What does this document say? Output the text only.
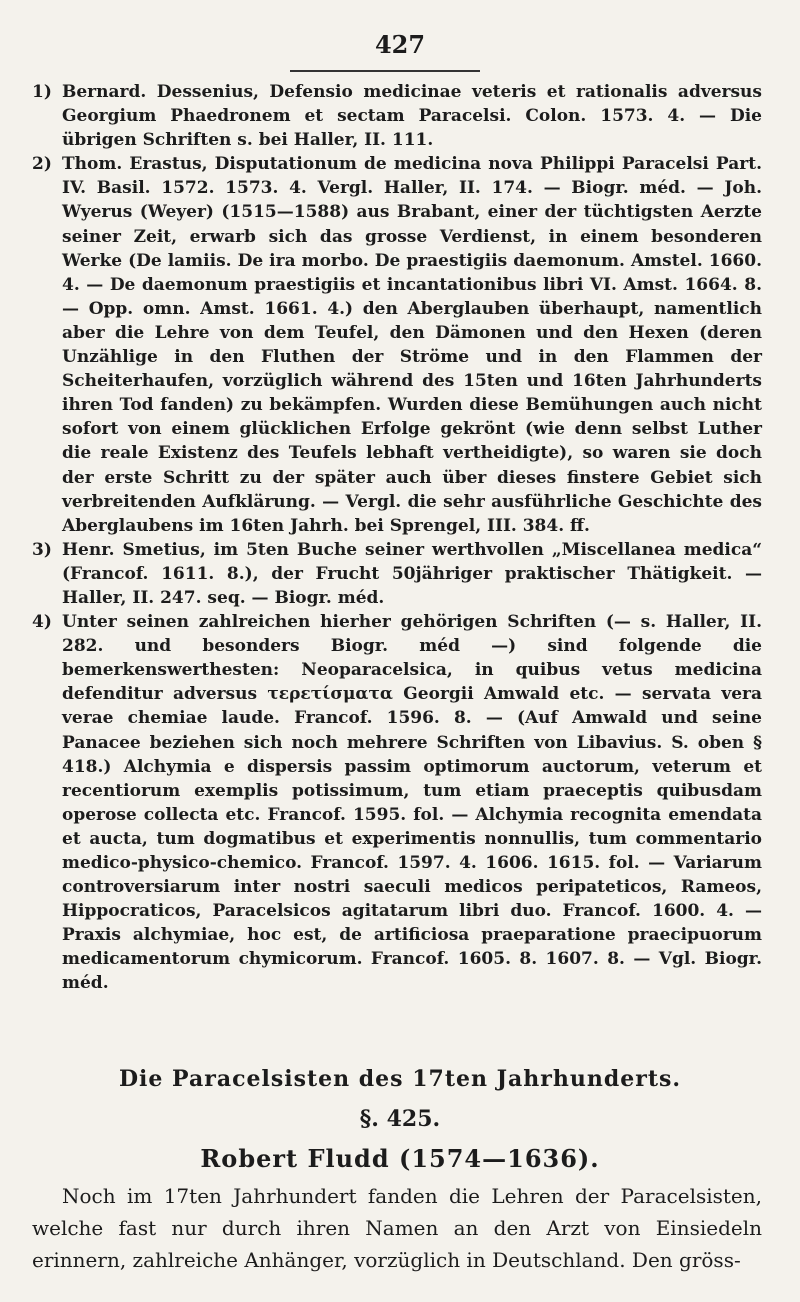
427

1) Bernard. Dessenius, Defensio medicinae veteris et rationalis adversus Georgium Phaedronem et sectam Paracelsi. Colon. 1573. 4. — Die übrigen Schriften s. bei Haller, II. 111.

2) Thom. Erastus, Disputationum de medicina nova Philippi Paracelsi Part. IV. Basil. 1572. 1573. 4. Vergl. Haller, II. 174. — Biogr. méd. — Joh. Wyerus (Weyer) (1515—1588) aus Brabant, einer der tüchtigsten Aerzte seiner Zeit, erwarb sich das grosse Verdienst, in einem besonderen Werke (De lamiis. De ira morbo. De praestigiis daemonum. Amstel. 1660. 4. — De daemonum praestigiis et incantationibus libri VI. Amst. 1664. 8. — Opp. omn. Amst. 1661. 4.) den Aberglauben überhaupt, namentlich aber die Lehre von dem Teufel, den Dämonen und den Hexen (deren Unzählige in den Fluthen der Ströme und in den Flammen der Scheiterhaufen, vorzüglich während des 15ten und 16ten Jahrhunderts ihren Tod fanden) zu bekämpfen. Wurden diese Bemühungen auch nicht sofort von einem glücklichen Erfolge gekrönt (wie denn selbst Luther die reale Existenz des Teufels lebhaft vertheidigte), so waren sie doch der erste Schritt zu der später auch über dieses finstere Gebiet sich verbreitenden Aufklärung. — Vergl. die sehr ausführliche Geschichte des Aberglaubens im 16ten Jahrh. bei Sprengel, III. 384. ff.

3) Henr. Smetius, im 5ten Buche seiner werthvollen „Miscellanea medica“ (Francof. 1611. 8.), der Frucht 50jähriger praktischer Thätigkeit. — Haller, II. 247. seq. — Biogr. méd.

4) Unter seinen zahlreichen hierher gehörigen Schriften (— s. Haller, II. 282. und besonders Biogr. méd —) sind folgende die bemerkenswerthesten: Neoparacelsica, in quibus vetus medicina defenditur adversus τερετίσματα Georgii Amwald etc. — servata vera verae chemiae laude. Francof. 1596. 8. — (Auf Amwald und seine Panacee beziehen sich noch mehrere Schriften von Libavius. S. oben § 418.) Alchymia e dispersis passim optimorum auctorum, veterum et recentiorum exemplis potissimum, tum etiam praeceptis quibusdam operose collecta etc. Francof. 1595. fol. — Alchymia recognita emendata et aucta, tum dogmatibus et experimentis nonnullis, tum commentario medico-physico-chemico. Francof. 1597. 4. 1606. 1615. fol. — Variarum controversiarum inter nostri saeculi medicos peripateticos, Rameos, Hippocraticos, Paracelsicos agitatarum libri duo. Francof. 1600. 4. — Praxis alchymiae, hoc est, de artificiosa praeparatione praecipuorum medicamentorum chymicorum. Francof. 1605. 8. 1607. 8. — Vgl. Biogr. méd.

Die Paracelsisten des 17ten Jahrhunderts.
§. 425.
Robert Fludd (1574—1636).

Noch im 17ten Jahrhundert fanden die Lehren der Paracelsisten, welche fast nur durch ihren Namen an den Arzt von Einsiedeln erinnern, zahlreiche Anhänger, vorzüglich in Deutschland. Den gröss-
